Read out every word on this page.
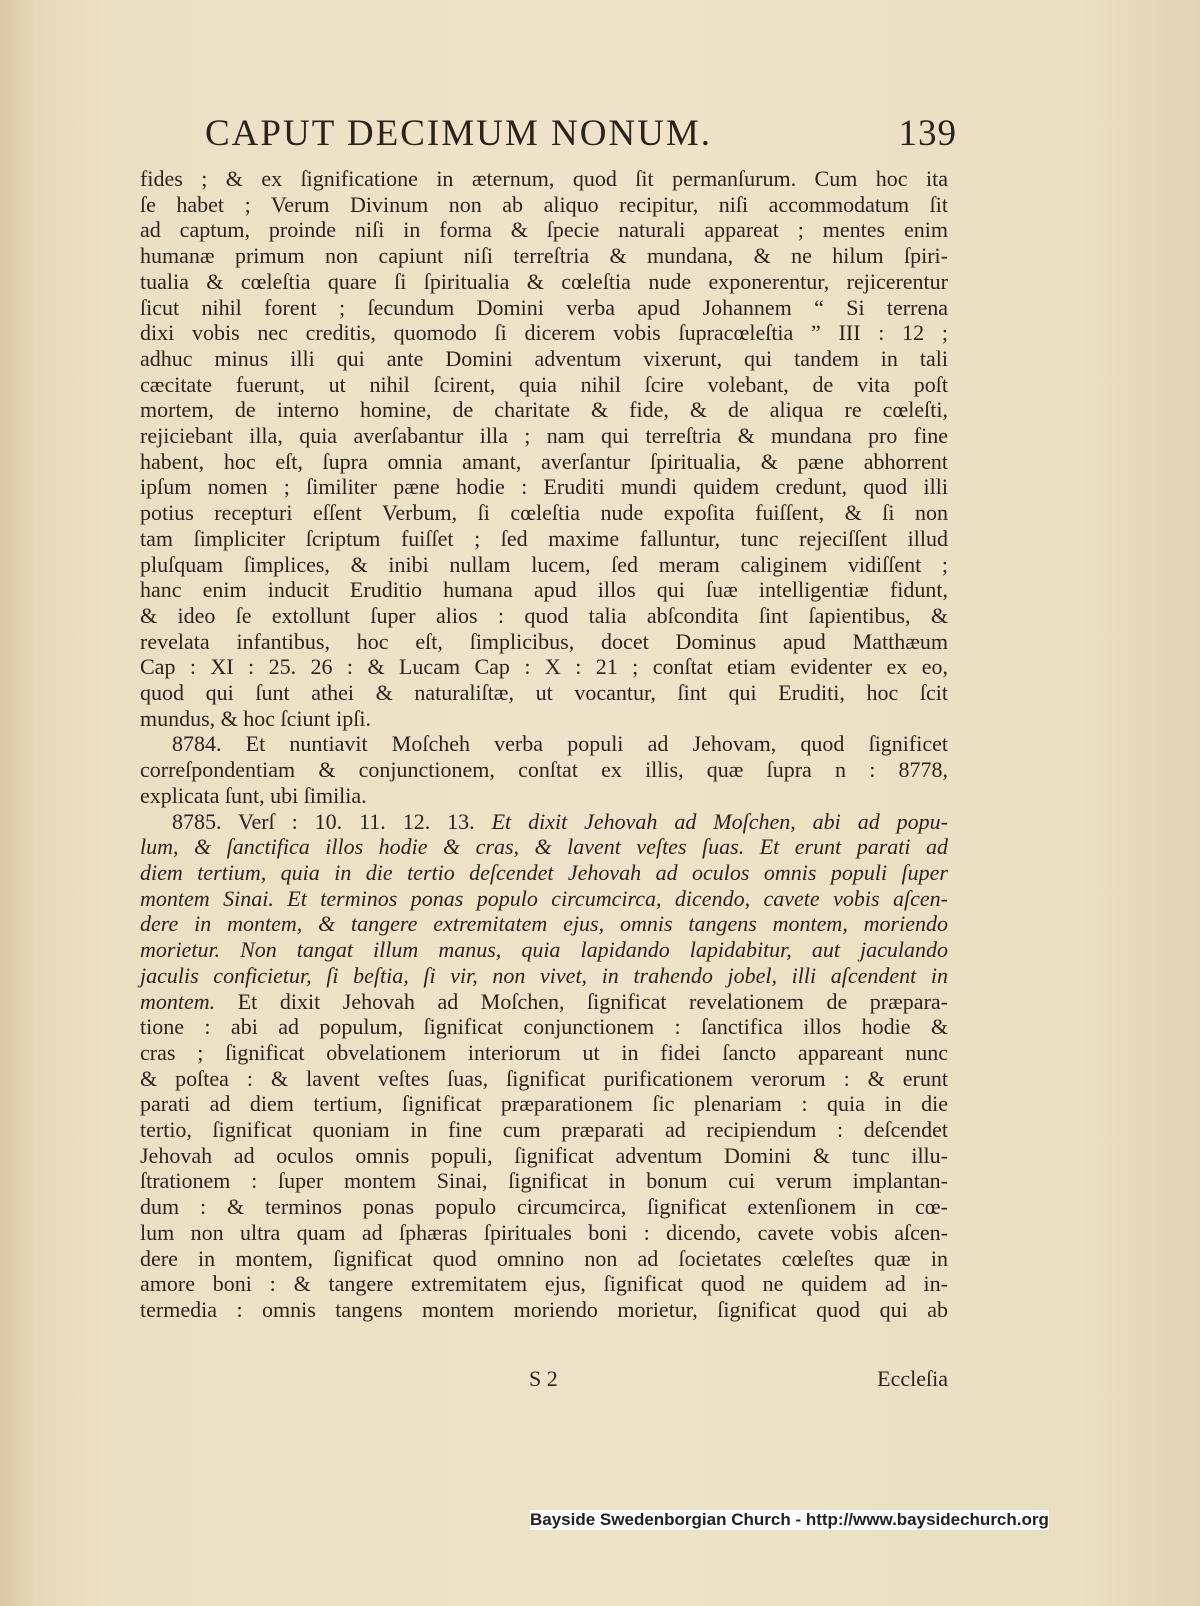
CAPUT DECIMUM NONUM.	139
fides ; & ex ſignificatione in æternum, quod ſit permanſurum. Cum hoc ita
ſe habet ; Verum Divinum non ab aliquo recipitur, niſi accommodatum ſit
ad captum, proinde niſi in forma & ſpecie naturali appareat ; mentes enim
humanæ primum non capiunt niſi terreſtria & mundana, & ne hilum ſpiri-
tualia & cœleſtia quare ſi ſpiritualia & cœleſtia nude exponerentur, rejicerentur
ſicut nihil forent ; ſecundum Domini verba apud Johannem “ Si terrena
dixi vobis nec creditis, quomodo ſi dicerem vobis ſupracœleſtia ” III : 12 ;
adhuc minus illi qui ante Domini adventum vixerunt, qui tandem in tali
cæcitate fuerunt, ut nihil ſcirent, quia nihil ſcire volebant, de vita poſt
mortem, de interno homine, de charitate & fide, & de aliqua re cœleſti,
rejiciebant illa, quia averſabantur illa ; nam qui terreſtria & mundana pro fine
habent, hoc eſt, ſupra omnia amant, averſantur ſpiritualia, & pæne abhorrent
ipſum nomen ; ſimiliter pæne hodie : Eruditi mundi quidem credunt, quod illi
potius recepturi eſſent Verbum, ſi cœleſtia nude expoſita fuiſſent, & ſi non
tam ſimpliciter ſcriptum fuiſſet ; ſed maxime falluntur, tunc rejeciſſent illud
pluſquam ſimplices, & inibi nullam lucem, ſed meram caliginem vidiſſent ;
hanc enim inducit Eruditio humana apud illos qui ſuæ intelligentiæ fidunt,
& ideo ſe extollunt ſuper alios : quod talia abſcondita ſint ſapientibus, &
revelata infantibus, hoc eſt, ſimplicibus, docet Dominus apud Matthæum
Cap : XI : 25. 26 : & Lucam Cap : X : 21 ; conſtat etiam evidenter ex eo,
quod qui ſunt athei & naturaliſtæ, ut vocantur, ſint qui Eruditi, hoc ſcit
mundus, & hoc ſciunt ipſi.
8784. Et nuntiavit Moſcheh verba populi ad Jehovam, quod ſignificet
correſpondentiam & conjunctionem, conſtat ex illis, quæ ſupra n : 8778,
explicata ſunt, ubi ſimilia.
8785. Verſ : 10. 11. 12. 13. Et dixit Jehovah ad Moſchen, abi ad popu-
lum, & ſanctifica illos hodie & cras, & lavent veſtes ſuas. Et erunt parati ad
diem tertium, quia in die tertio deſcendet Jehovah ad oculos omnis populi ſuper
montem Sinai. Et terminos ponas populo circumcirca, dicendo, cavete vobis aſcen-
dere in montem, & tangere extremitatem ejus, omnis tangens montem, moriendo
morietur. Non tangat illum manus, quia lapidando lapidabitur, aut jaculando
jaculis conficietur, ſi beſtia, ſi vir, non vivet, in trahendo jobel, illi aſcendent in
montem. Et dixit Jehovah ad Moſchen, ſignificat revelationem de præpara-
tione : abi ad populum, ſignificat conjunctionem : ſanctifica illos hodie &
cras ; ſignificat obvelationem interiorum ut in fidei ſancto appareant nunc
& poſtea : & lavent veſtes ſuas, ſignificat purificationem verorum : & erunt
parati ad diem tertium, ſignificat præparationem ſic plenariam : quia in die
tertio, ſignificat quoniam in fine cum præparati ad recipiendum : deſcendet
Jehovah ad oculos omnis populi, ſignificat adventum Domini & tunc illu-
ſtrationem : ſuper montem Sinai, ſignificat in bonum cui verum implantan-
dum : & terminos ponas populo circumcirca, ſignificat extenſionem in cœ-
lum non ultra quam ad ſphæras ſpirituales boni : dicendo, cavete vobis aſcen-
dere in montem, ſignificat quod omnino non ad ſocietates cœleſtes quæ in
amore boni : & tangere extremitatem ejus, ſignificat quod ne quidem ad in-
termedia : omnis tangens montem moriendo morietur, ſignificat quod qui ab
S 2	Eccleſia
Bayside Swedenborgian Church - http://www.baysidechurch.org
